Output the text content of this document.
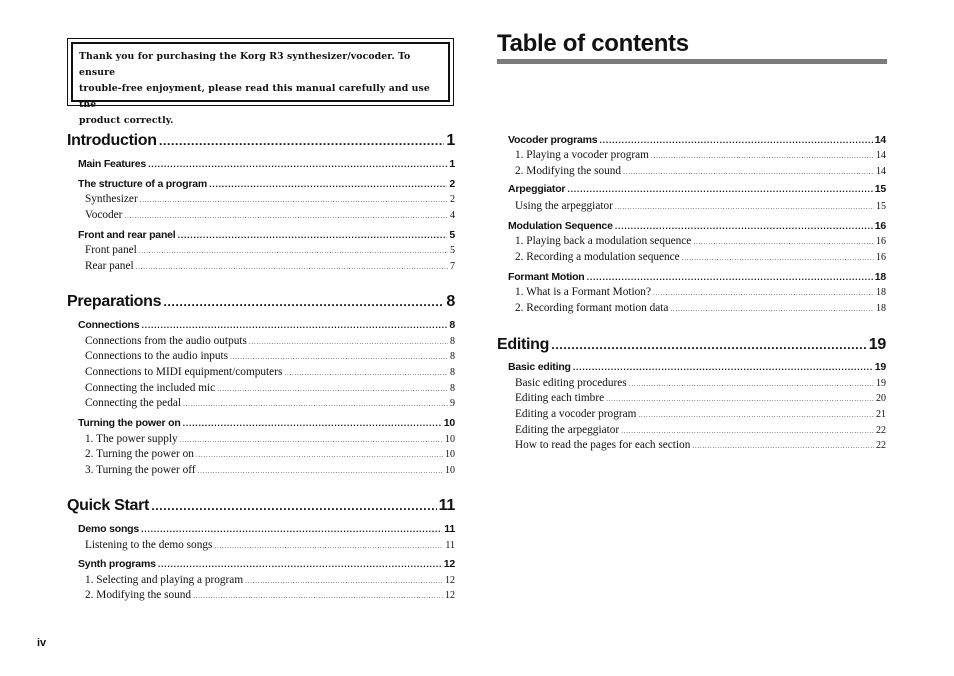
Thank you for purchasing the Korg R3 synthesizer/vocoder. To ensure
trouble-free enjoyment, please read this manual carefully and use the
product correctly.
Table of contents
Introduction .....	1
Main Features .....	1
The structure of a program .....	2
Synthesizer .....	2
Vocoder .....	4
Front and rear panel .....	5
Front panel .....	5
Rear panel .....	7
Preparations .....	8
Connections .....	8
Connections from the audio outputs .....	8
Connections to the audio inputs .....	8
Connections to MIDI equipment/computers .....	8
Connecting the included mic .....	8
Connecting the pedal .....	9
Turning the power on .....	10
1. The power supply .....	10
2. Turning the power on .....	10
3. Turning the power off .....	10
Quick Start .....	11
Demo songs .....	11
Listening to the demo songs .....	11
Synth programs .....	12
1. Selecting and playing a program .....	12
2. Modifying the sound .....	12
Vocoder programs .....	14
1. Playing a vocoder program .....	14
2. Modifying the sound .....	14
Arpeggiator .....	15
Using the arpeggiator .....	15
Modulation Sequence .....	16
1. Playing back a modulation sequence .....	16
2. Recording a modulation sequence .....	16
Formant Motion .....	18
1. What is a Formant Motion? .....	18
2. Recording formant motion data .....	18
Editing .....	19
Basic editing .....	19
Basic editing procedures .....	19
Editing each timbre .....	20
Editing a vocoder program .....	21
Editing the arpeggiator .....	22
How to read the pages for each section .....	22
iv
